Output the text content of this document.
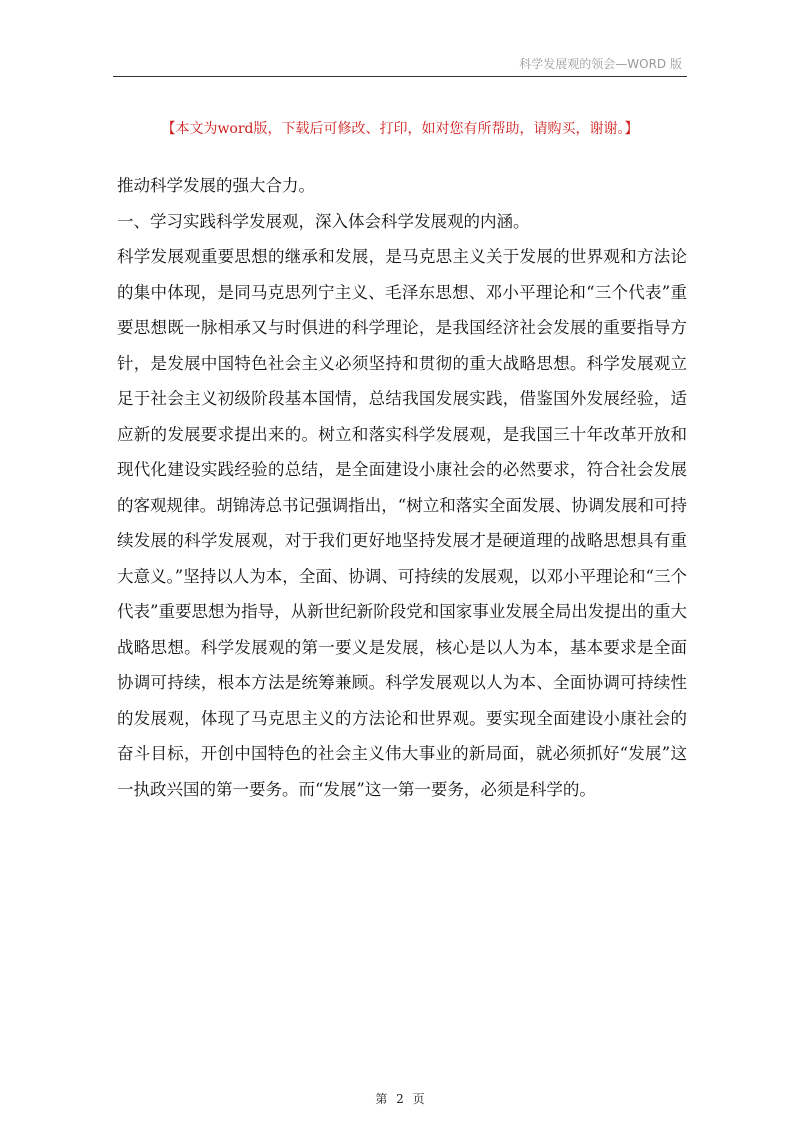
科学发展观的领会—WORD 版
【本文为word版，下载后可修改、打印，如对您有所帮助，请购买，谢谢。】

推动科学发展的强大合力。

一、学习实践科学发展观，深入体会科学发展观的内涵。

科学发展观重要思想的继承和发展，是马克思主义关于发展的世界观和方法论的集中体现，是同马克思列宁主义、毛泽东思想、邓小平理论和“三个代表”重要思想既一脉相承又与时俱进的科学理论，是我国经济社会发展的重要指导方针，是发展中国特色社会主义必须坚持和贯彻的重大战略思想。科学发展观立足于社会主义初级阶段基本国情，总结我国发展实践，借鉴国外发展经验，适应新的发展要求提出来的。树立和落实科学发展观，是我国三十年改革开放和现代化建设实践经验的总结，是全面建设小康社会的必然要求，符合社会发展的客观规律。胡锦涛总书记强调指出，“树立和落实全面发展、协调发展和可持续发展的科学发展观，对于我们更好地坚持发展才是硬道理的战略思想具有重大意义。”坚持以人为本，全面、协调、可持续的发展观，以邓小平理论和“三个代表”重要思想为指导，从新世纪新阶段党和国家事业发展全局出发提出的重大战略思想。科学发展观的第一要义是发展，核心是以人为本，基本要求是全面协调可持续，根本方法是统筹兼顾。科学发展观以人为本、全面协调可持续性的发展观，体现了马克思主义的方法论和世界观。要实现全面建设小康社会的奋斗目标，开创中国特色的社会主义伟大事业的新局面，就必须抓好“发展”这一执政兴国的第一要务。而“发展”这一第一要务，必须是科学的。

第 2 页
